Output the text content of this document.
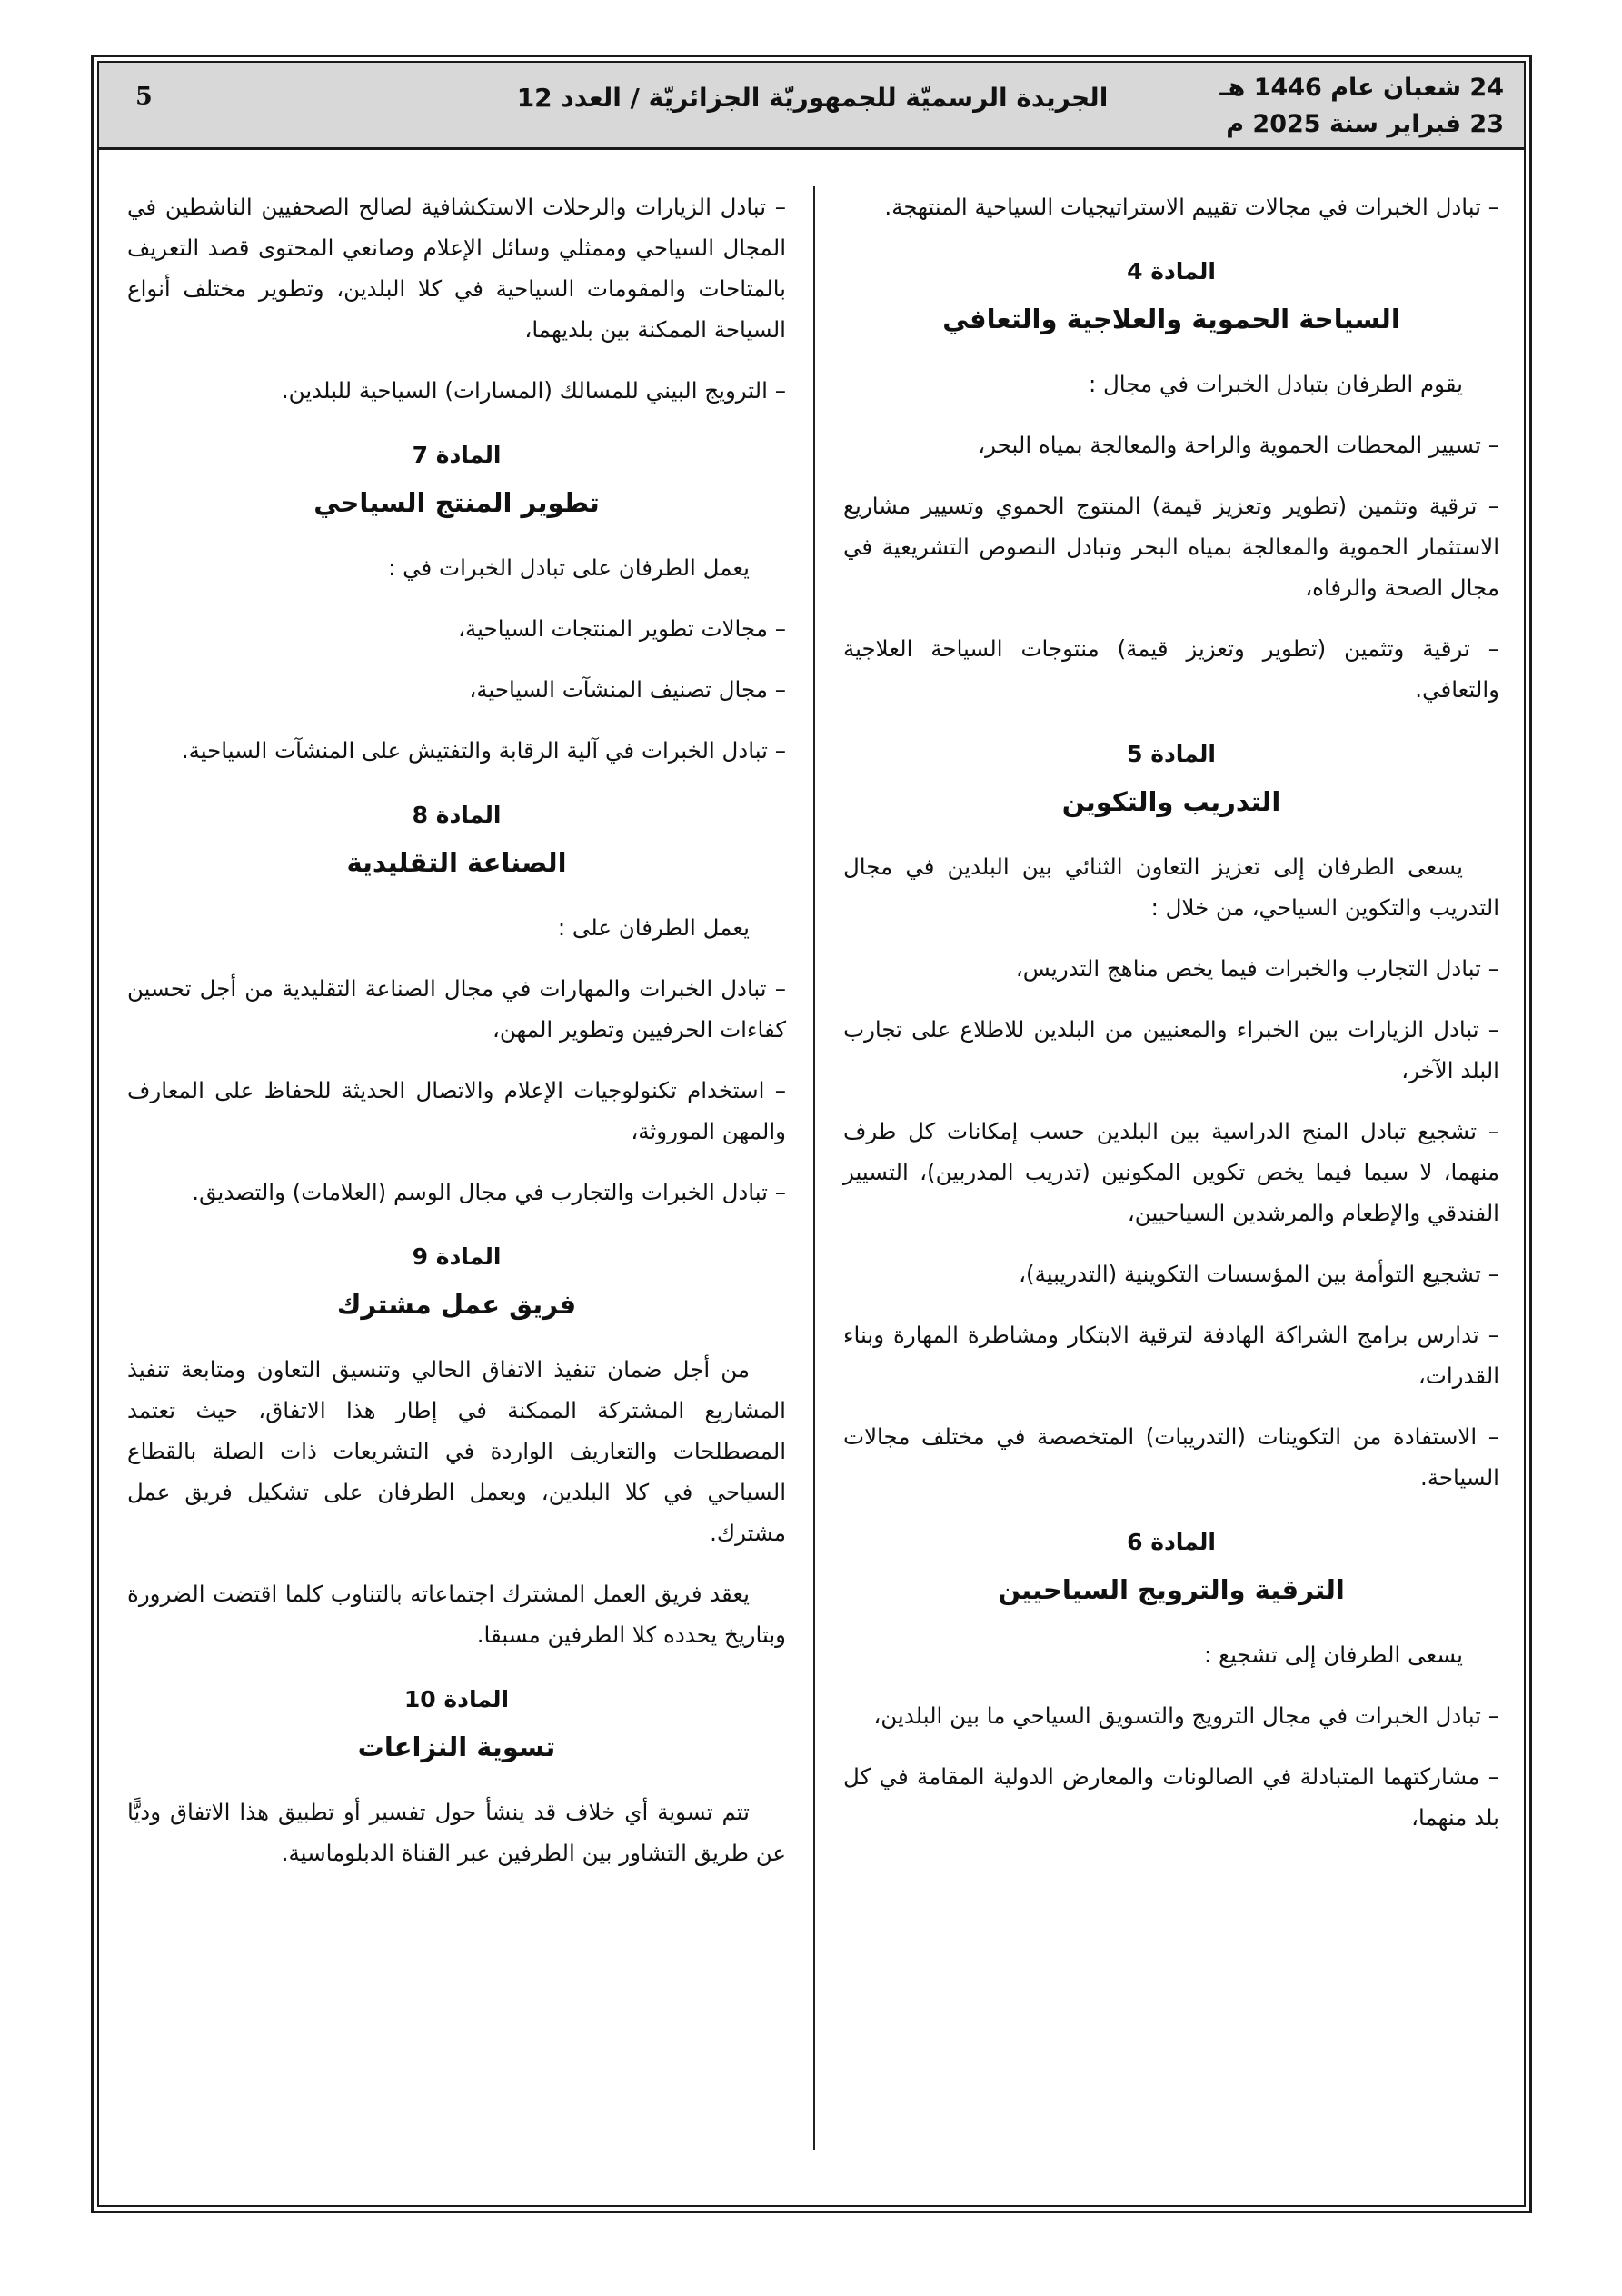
5	الجريدة الرسميّة للجمهوريّة الجزائريّة / العدد 12	24 شعبان عام 1446 هـ
23 فبراير سنة 2025 م

– تبادل الخبرات في مجالات تقييم الاستراتيجيات السياحية المنتهجة.

المادة 4
السياحة الحموية والعلاجية والتعافي

يقوم الطرفان بتبادل الخبرات في مجال :

– تسيير المحطات الحموية والراحة والمعالجة بمياه البحر،

– ترقية وتثمين (تطوير وتعزيز قيمة) المنتوج الحموي وتسيير مشاريع الاستثمار الحموية والمعالجة بمياه البحر وتبادل النصوص التشريعية في مجال الصحة والرفاه،

– ترقية وتثمين (تطوير وتعزيز قيمة) منتوجات السياحة العلاجية والتعافي.

المادة 5
التدريب والتكوين

يسعى الطرفان إلى تعزيز التعاون الثنائي بين البلدين في مجال التدريب والتكوين السياحي، من خلال :

– تبادل التجارب والخبرات فيما يخص مناهج التدريس،

– تبادل الزيارات بين الخبراء والمعنيين من البلدين للاطلاع على تجارب البلد الآخر،

– تشجيع تبادل المنح الدراسية بين البلدين حسب إمكانات كل طرف منهما، لا سيما فيما يخص تكوين المكونين (تدريب المدربين)، التسيير الفندقي والإطعام والمرشدين السياحيين،

– تشجيع التوأمة بين المؤسسات التكوينية (التدريبية)،

– تدارس برامج الشراكة الهادفة لترقية الابتكار ومشاطرة المهارة وبناء القدرات،

– الاستفادة من التكوينات (التدريبات) المتخصصة في مختلف مجالات السياحة.

المادة 6
الترقية والترويج السياحيين

يسعى الطرفان إلى تشجيع :

– تبادل الخبرات في مجال الترويج والتسويق السياحي ما بين البلدين،

– مشاركتهما المتبادلة في الصالونات والمعارض الدولية المقامة في كل بلد منهما،

– تبادل الزيارات والرحلات الاستكشافية لصالح الصحفيين الناشطين في المجال السياحي وممثلي وسائل الإعلام وصانعي المحتوى قصد التعريف بالمتاحات والمقومات السياحية في كلا البلدين، وتطوير مختلف أنواع السياحة الممكنة بين بلديهما،

– الترويج البيني للمسالك (المسارات) السياحية للبلدين.

المادة 7
تطوير المنتج السياحي

يعمل الطرفان على تبادل الخبرات في :

– مجالات تطوير المنتجات السياحية،

– مجال تصنيف المنشآت السياحية،

– تبادل الخبرات في آلية الرقابة والتفتيش على المنشآت السياحية.

المادة 8
الصناعة التقليدية

يعمل الطرفان على :

– تبادل الخبرات والمهارات في مجال الصناعة التقليدية من أجل تحسين كفاءات الحرفيين وتطوير المهن،

– استخدام تكنولوجيات الإعلام والاتصال الحديثة للحفاظ على المعارف والمهن الموروثة،

– تبادل الخبرات والتجارب في مجال الوسم (العلامات) والتصديق.

المادة 9
فريق عمل مشترك

من أجل ضمان تنفيذ الاتفاق الحالي وتنسيق التعاون ومتابعة تنفيذ المشاريع المشتركة الممكنة في إطار هذا الاتفاق، حيث تعتمد المصطلحات والتعاريف الواردة في التشريعات ذات الصلة بالقطاع السياحي في كلا البلدين، ويعمل الطرفان على تشكيل فريق عمل مشترك.

يعقد فريق العمل المشترك اجتماعاته بالتناوب كلما اقتضت الضرورة وبتاريخ يحدده كلا الطرفين مسبقا.

المادة 10
تسوية النزاعات

تتم تسوية أي خلاف قد ينشأ حول تفسير أو تطبيق هذا الاتفاق وديًّا عن طريق التشاور بين الطرفين عبر القناة الدبلوماسية.
